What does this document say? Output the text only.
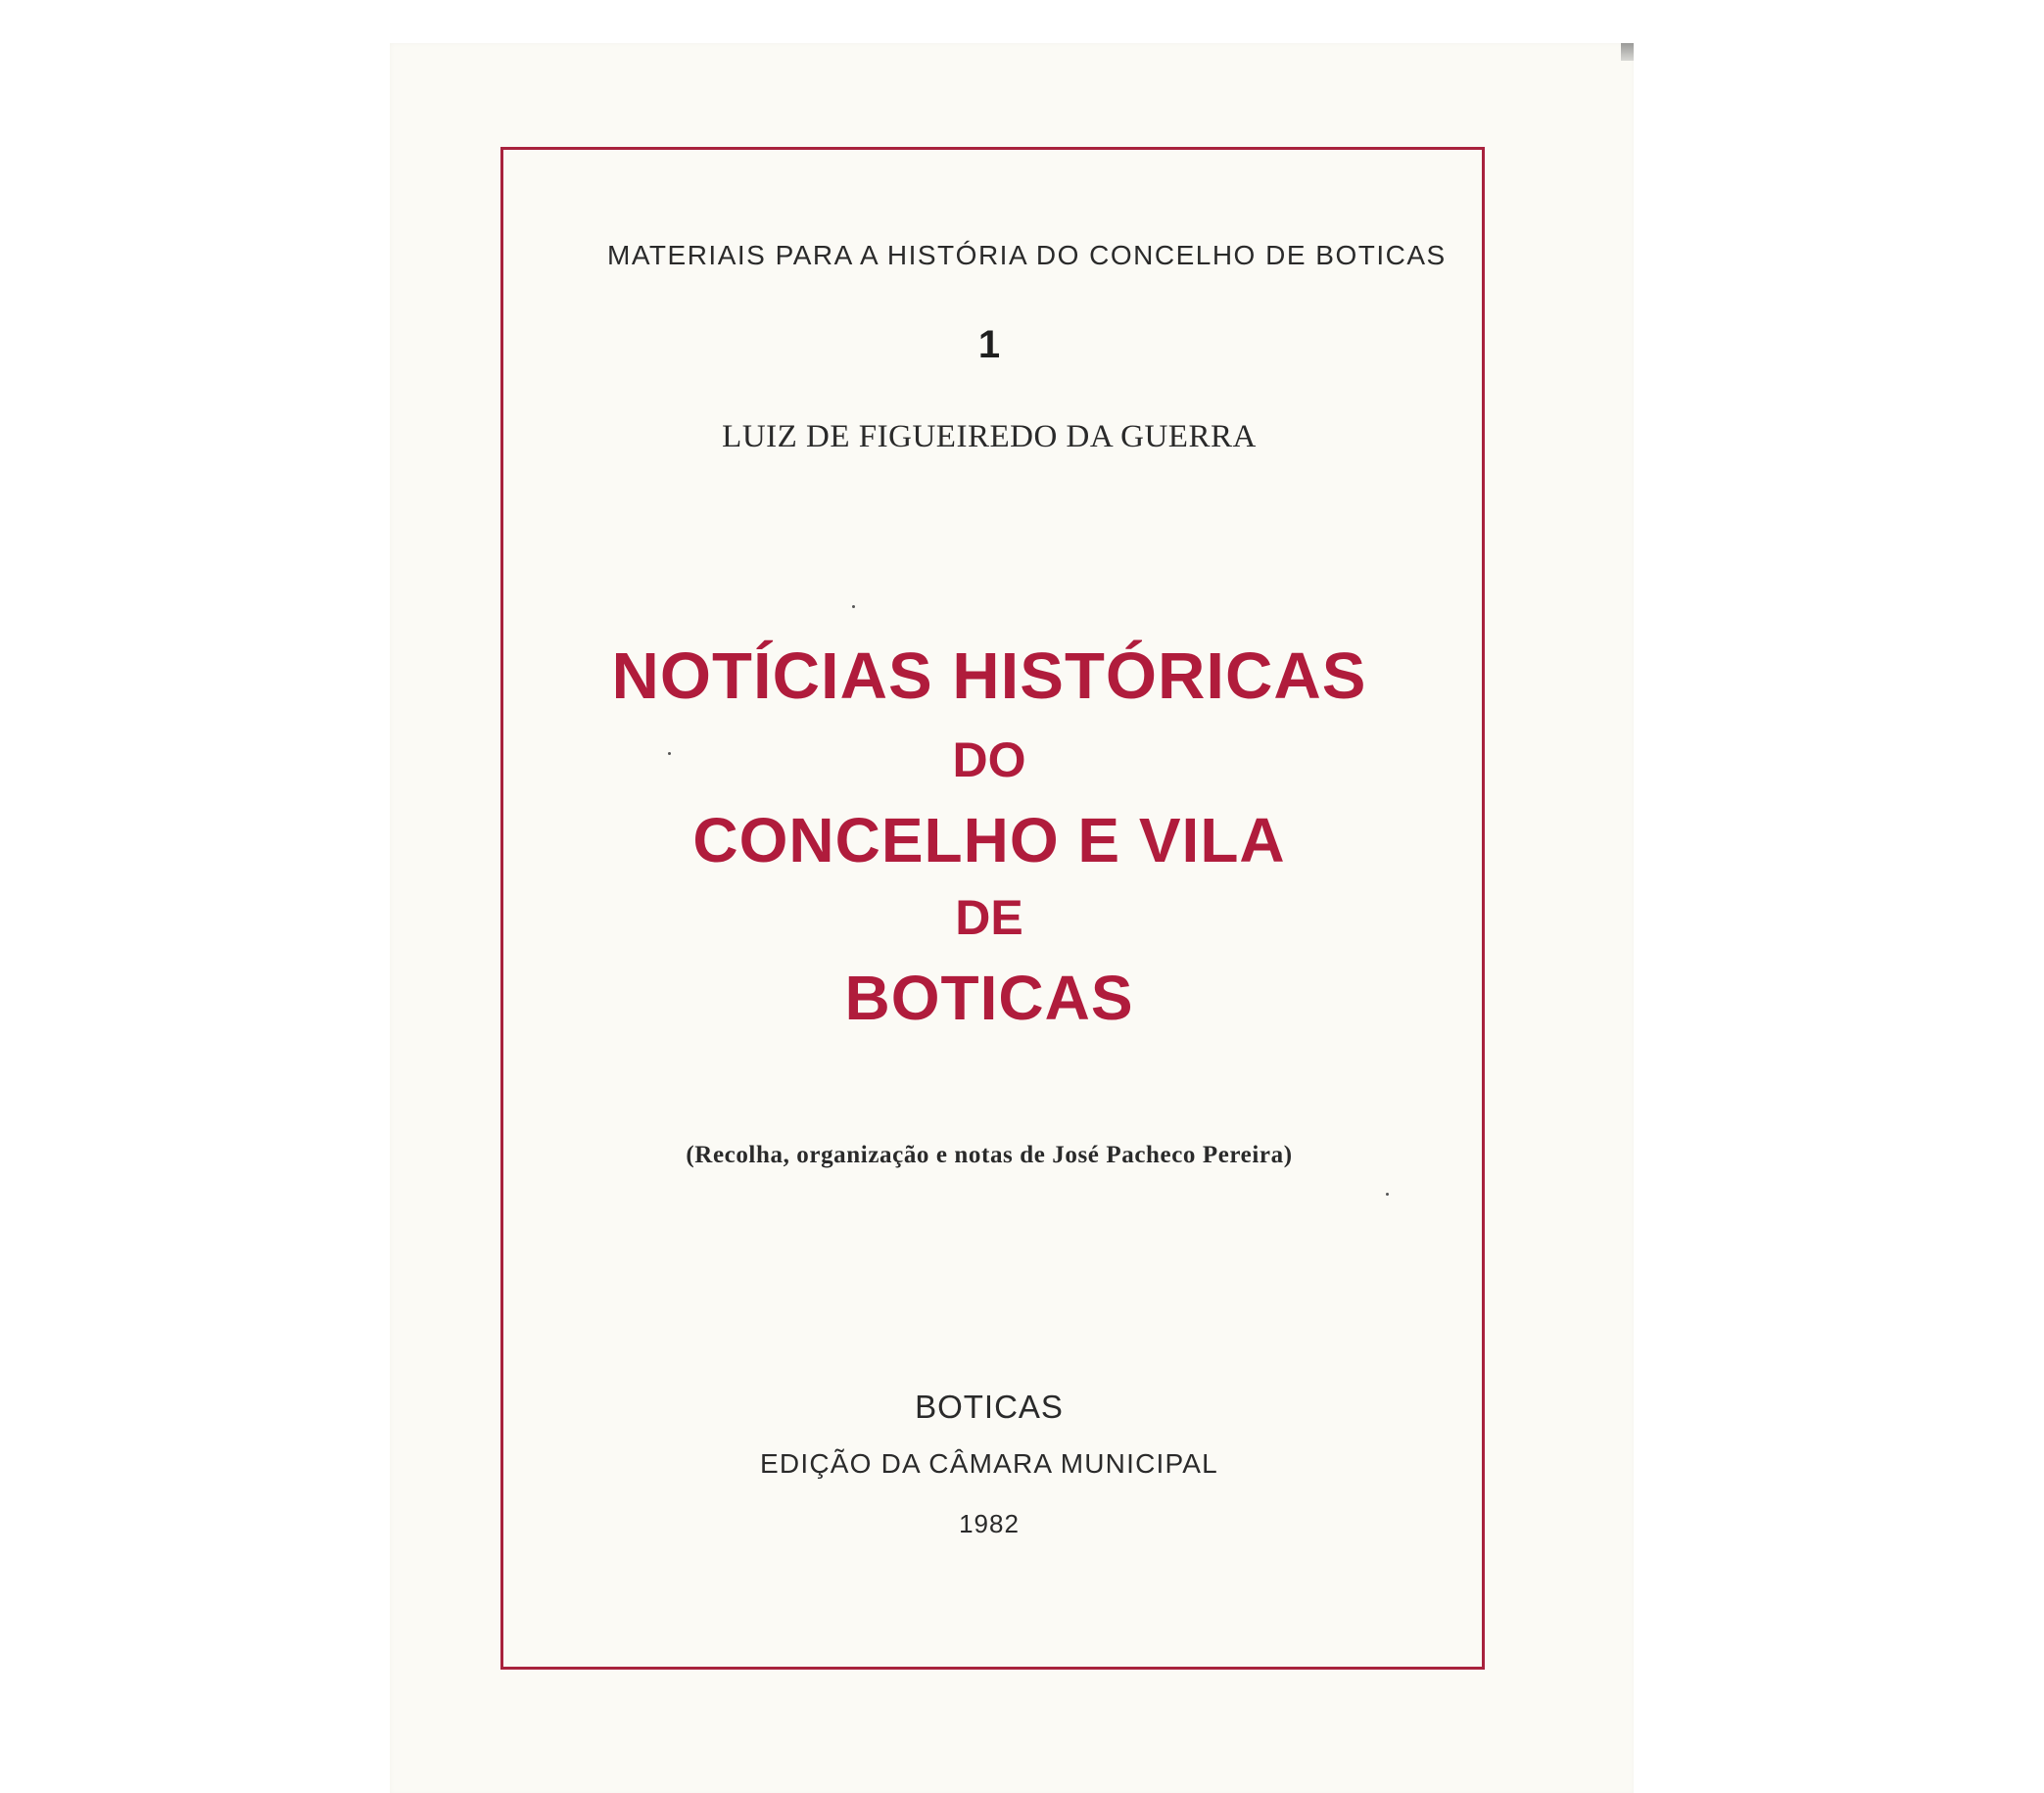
MATERIAIS PARA A HISTÓRIA DO CONCELHO DE BOTICAS
1
LUIZ DE FIGUEIREDO DA GUERRA
NOTÍCIAS HISTÓRICAS
DO
CONCELHO E VILA
DE
BOTICAS
(Recolha, organização e notas de José Pacheco Pereira)
BOTICAS
EDIÇÃO DA CÂMARA MUNICIPAL
1982
